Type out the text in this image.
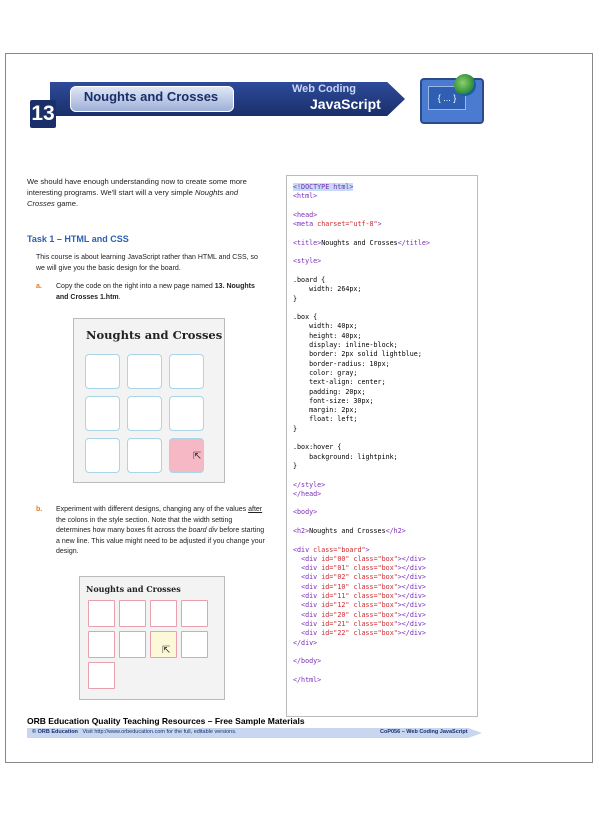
13
Noughts and Crosses	Web Coding
JavaScript	{ ... }
We should have enough understanding now to create some more interesting programs. We'll start will a very simple Noughts and Crosses game.
Task 1 – HTML and CSS
This course is about learning JavaScript rather than HTML and CSS, so we will give you the basic design for the board.
a. Copy the code on the right into a new page named 13. Noughts and Crosses 1.htm.
Noughts and Crosses
⇱
b. Experiment with different designs, changing any of the values after the colons in the style section. Note that the width setting determines how many boxes fit across the board div before starting a new line. This value might need to be adjusted if you change your design.
Noughts and Crosses
⇱
<!DOCTYPE html>
<html>
<head>
<meta charset="utf-8">
<title>Noughts and Crosses</title>
<style>
.board {
width: 264px;
}
.box {
width: 40px;
height: 40px;
display: inline-block;
border: 2px solid lightblue;
border-radius: 10px;
color: gray;
text-align: center;
padding: 20px;
font-size: 30px;
margin: 2px;
float: left;
}
.box:hover {
background: lightpink;
}
</style>
</head>
<body>
<h2>Noughts and Crosses</h2>
<div class="board">
<div id="00" class="box"></div>
<div id="01" class="box"></div>
<div id="02" class="box"></div>
<div id="10" class="box"></div>
<div id="11" class="box"></div>
<div id="12" class="box"></div>
<div id="20" class="box"></div>
<div id="21" class="box"></div>
<div id="22" class="box"></div>
</div>
</body>
</html>
ORB Education Quality Teaching Resources – Free Sample Materials
© ORB Education Visit http://www.orbeducation.com for the full, editable versions.	CoP056 – Web Coding JavaScript
